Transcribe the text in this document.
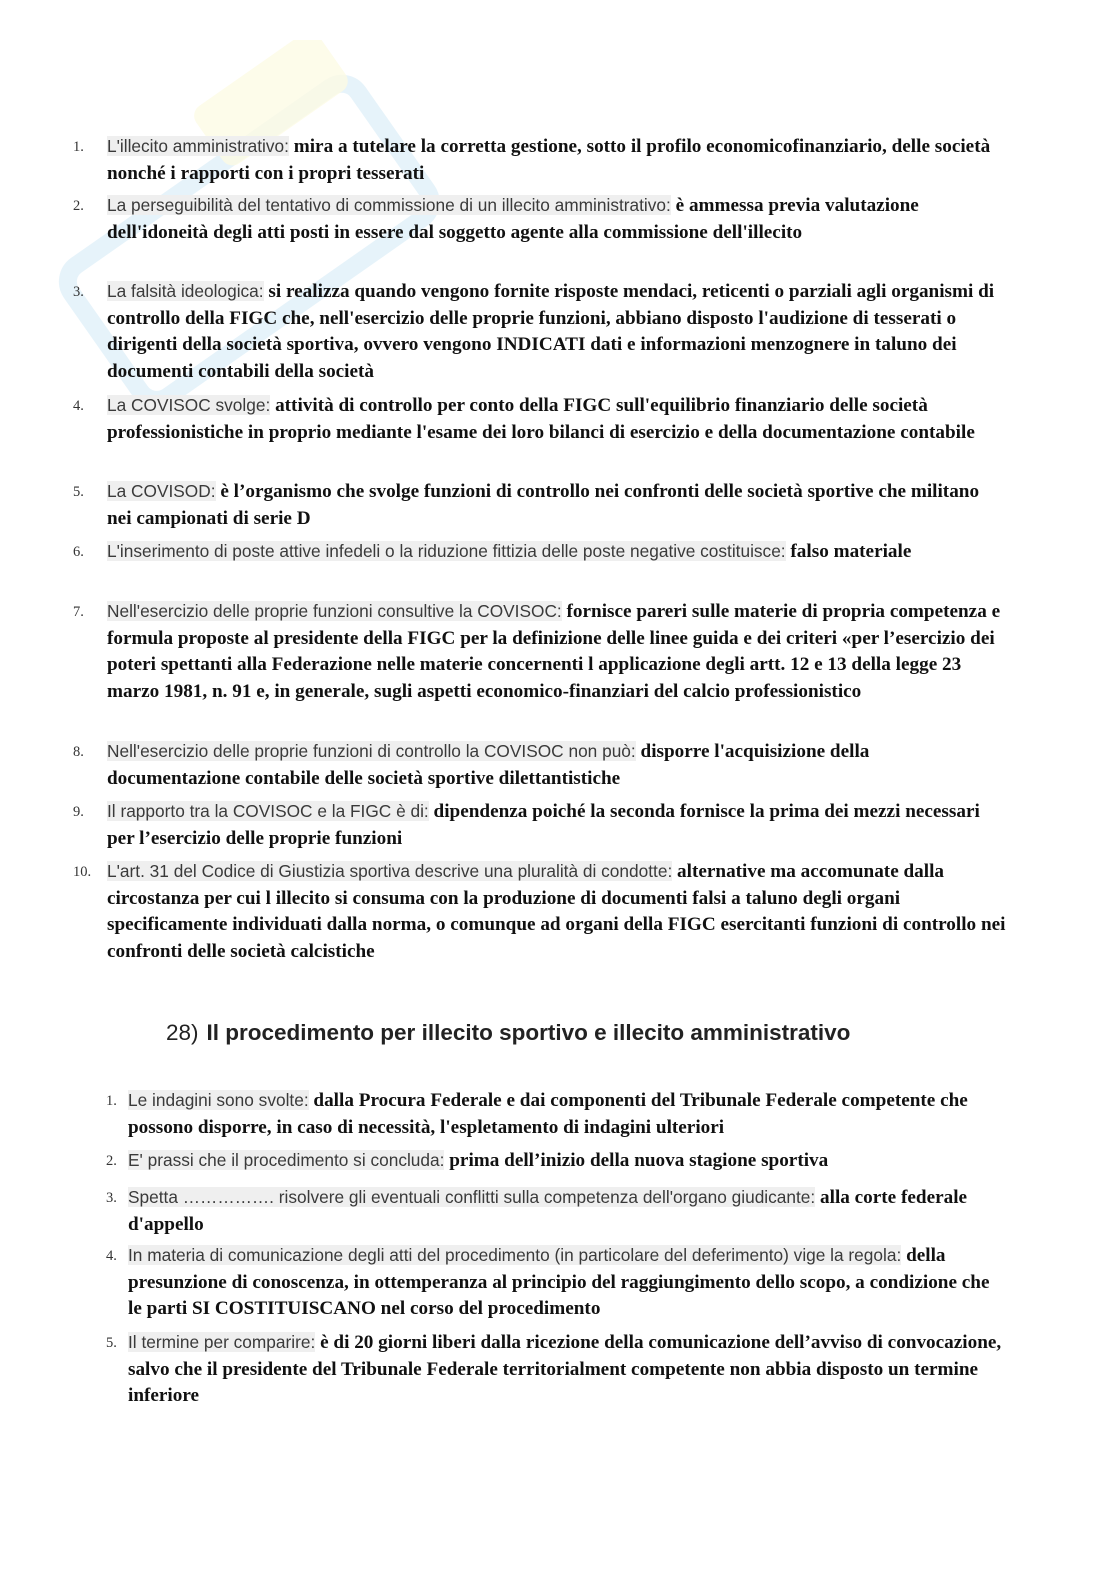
1. L'illecito amministrativo: mira a tutelare la corretta gestione, sotto il profilo economicofinanziario, delle società nonché i rapporti con i propri tesserati
2. La perseguibilità del tentativo di commissione di un illecito amministrativo: è ammessa previa valutazione dell'idoneità degli atti posti in essere dal soggetto agente alla commissione dell'illecito
3. La falsità ideologica: si realizza quando vengono fornite risposte mendaci, reticenti o parziali agli organismi di controllo della FIGC che, nell'esercizio delle proprie funzioni, abbiano disposto l'audizione di tesserati o dirigenti della società sportiva, ovvero vengono INDICATI dati e informazioni menzognere in taluno dei documenti contabili della società
4. La COVISOC svolge: attività di controllo per conto della FIGC sull'equilibrio finanziario delle società professionistiche in proprio mediante l'esame dei loro bilanci di esercizio e della documentazione contabile
5. La COVISOD: è l’organismo che svolge funzioni di controllo nei confronti delle società sportive che militano nei campionati di serie D
6. L'inserimento di poste attive infedeli o la riduzione fittizia delle poste negative costituisce: falso materiale
7. Nell'esercizio delle proprie funzioni consultive la COVISOC: fornisce pareri sulle materie di propria competenza e formula proposte al presidente della FIGC per la definizione delle linee guida e dei criteri «per l’esercizio dei poteri spettanti alla Federazione nelle materie concernenti l applicazione degli artt. 12 e 13 della legge 23 marzo 1981, n. 91 e, in generale, sugli aspetti economico-finanziari del calcio professionistico
8. Nell'esercizio delle proprie funzioni di controllo la COVISOC non può: disporre l'acquisizione della documentazione contabile delle società sportive dilettantistiche
9. Il rapporto tra la COVISOC e la FIGC è di: dipendenza poiché la seconda fornisce la prima dei mezzi necessari per l’esercizio delle proprie funzioni
10. L'art. 31 del Codice di Giustizia sportiva descrive una pluralità di condotte: alternative ma accomunate dalla circostanza per cui l illecito si consuma con la produzione di documenti falsi a taluno degli organi specificamente individuati dalla norma, o comunque ad organi della FIGC esercitanti funzioni di controllo nei confronti delle società calcistiche
28) Il procedimento per illecito sportivo e illecito amministrativo
1. Le indagini sono svolte: dalla Procura Federale e dai componenti del Tribunale Federale competente che possono disporre, in caso di necessità, l'espletamento di indagini ulteriori
2. E' prassi che il procedimento si concluda: prima dell’inizio della nuova stagione sportiva
3. Spetta ……………. risolvere gli eventuali conflitti sulla competenza dell'organo giudicante: alla corte federale d'appello
4. In materia di comunicazione degli atti del procedimento (in particolare del deferimento) vige la regola: della presunzione di conoscenza, in ottemperanza al principio del raggiungimento dello scopo, a condizione che le parti SI COSTITUISCANO nel corso del procedimento
5. Il termine per comparire: è di 20 giorni liberi dalla ricezione della comunicazione dell’avviso di convocazione, salvo che il presidente del Tribunale Federale territorialment competente non abbia disposto un termine inferiore
